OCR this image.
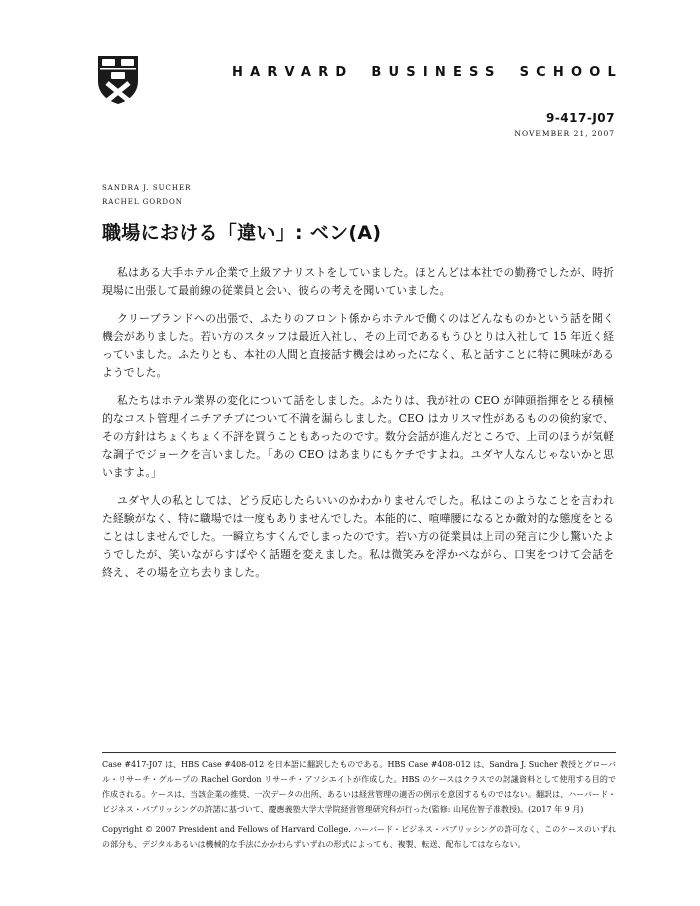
HARVARD BUSINESS SCHOOL
9-417-J07
NOVEMBER 21, 2007
SANDRA J. SUCHER
RACHEL GORDON
職場における「違い」: ベン(A)

私はある大手ホテル企業で上級アナリストをしていました。ほとんどは本社での勤務でしたが、時折現場に出張して最前線の従業員と会い、彼らの考えを聞いていました。

クリーブランドへの出張で、ふたりのフロント係からホテルで働くのはどんなものかという話を聞く機会がありました。若い方のスタッフは最近入社し、その上司であるもうひとりは入社して 15 年近く経っていました。ふたりとも、本社の人間と直接話す機会はめったになく、私と話すことに特に興味があるようでした。

私たちはホテル業界の変化について話をしました。ふたりは、我が社の CEO が陣頭指揮をとる積極的なコスト管理イニチアチブについて不満を漏らしました。CEO はカリスマ性があるものの倹約家で、その方針はちょくちょく不評を買うこともあったのです。数分会話が進んだところで、上司のほうが気軽な調子でジョークを言いました。「あの CEO はあまりにもケチですよね。ユダヤ人なんじゃないかと思いますよ。」

ユダヤ人の私としては、どう反応したらいいのかわかりませんでした。私はこのようなことを言われた経験がなく、特に職場では一度もありませんでした。本能的に、喧嘩腰になるとか敵対的な態度をとることはしませんでした。一瞬立ちすくんでしまったのです。若い方の従業員は上司の発言に少し驚いたようでしたが、笑いながらすばやく話題を変えました。私は微笑みを浮かべながら、口実をつけて会話を終え、その場を立ち去りました。

Case #417-J07 は、HBS Case #408-012 を日本語に翻訳したものである。HBS Case #408-012 は、Sandra J. Sucher 教授とグローバル・リサーチ・グループの Rachel Gordon リサーチ・アソシエイトが作成した。HBS のケースはクラスでの討議資料として使用する目的で作成される。ケースは、当該企業の推奨、一次データの出所、あるいは経営管理の適否の例示を意図するものではない。翻訳は、ハーバード・ビジネス・パブリッシングの許諾に基づいて、慶應義塾大学大学院経営管理研究科が行った(監修: 山尾佐智子准教授)。(2017 年 9 月)

Copyright © 2007 President and Fellows of Harvard College. ハーバード・ビジネス・パブリッシングの許可なく、このケースのいずれの部分も、デジタルあるいは機械的な手法にかかわらずいずれの形式によっても、複製、転送、配布してはならない。
